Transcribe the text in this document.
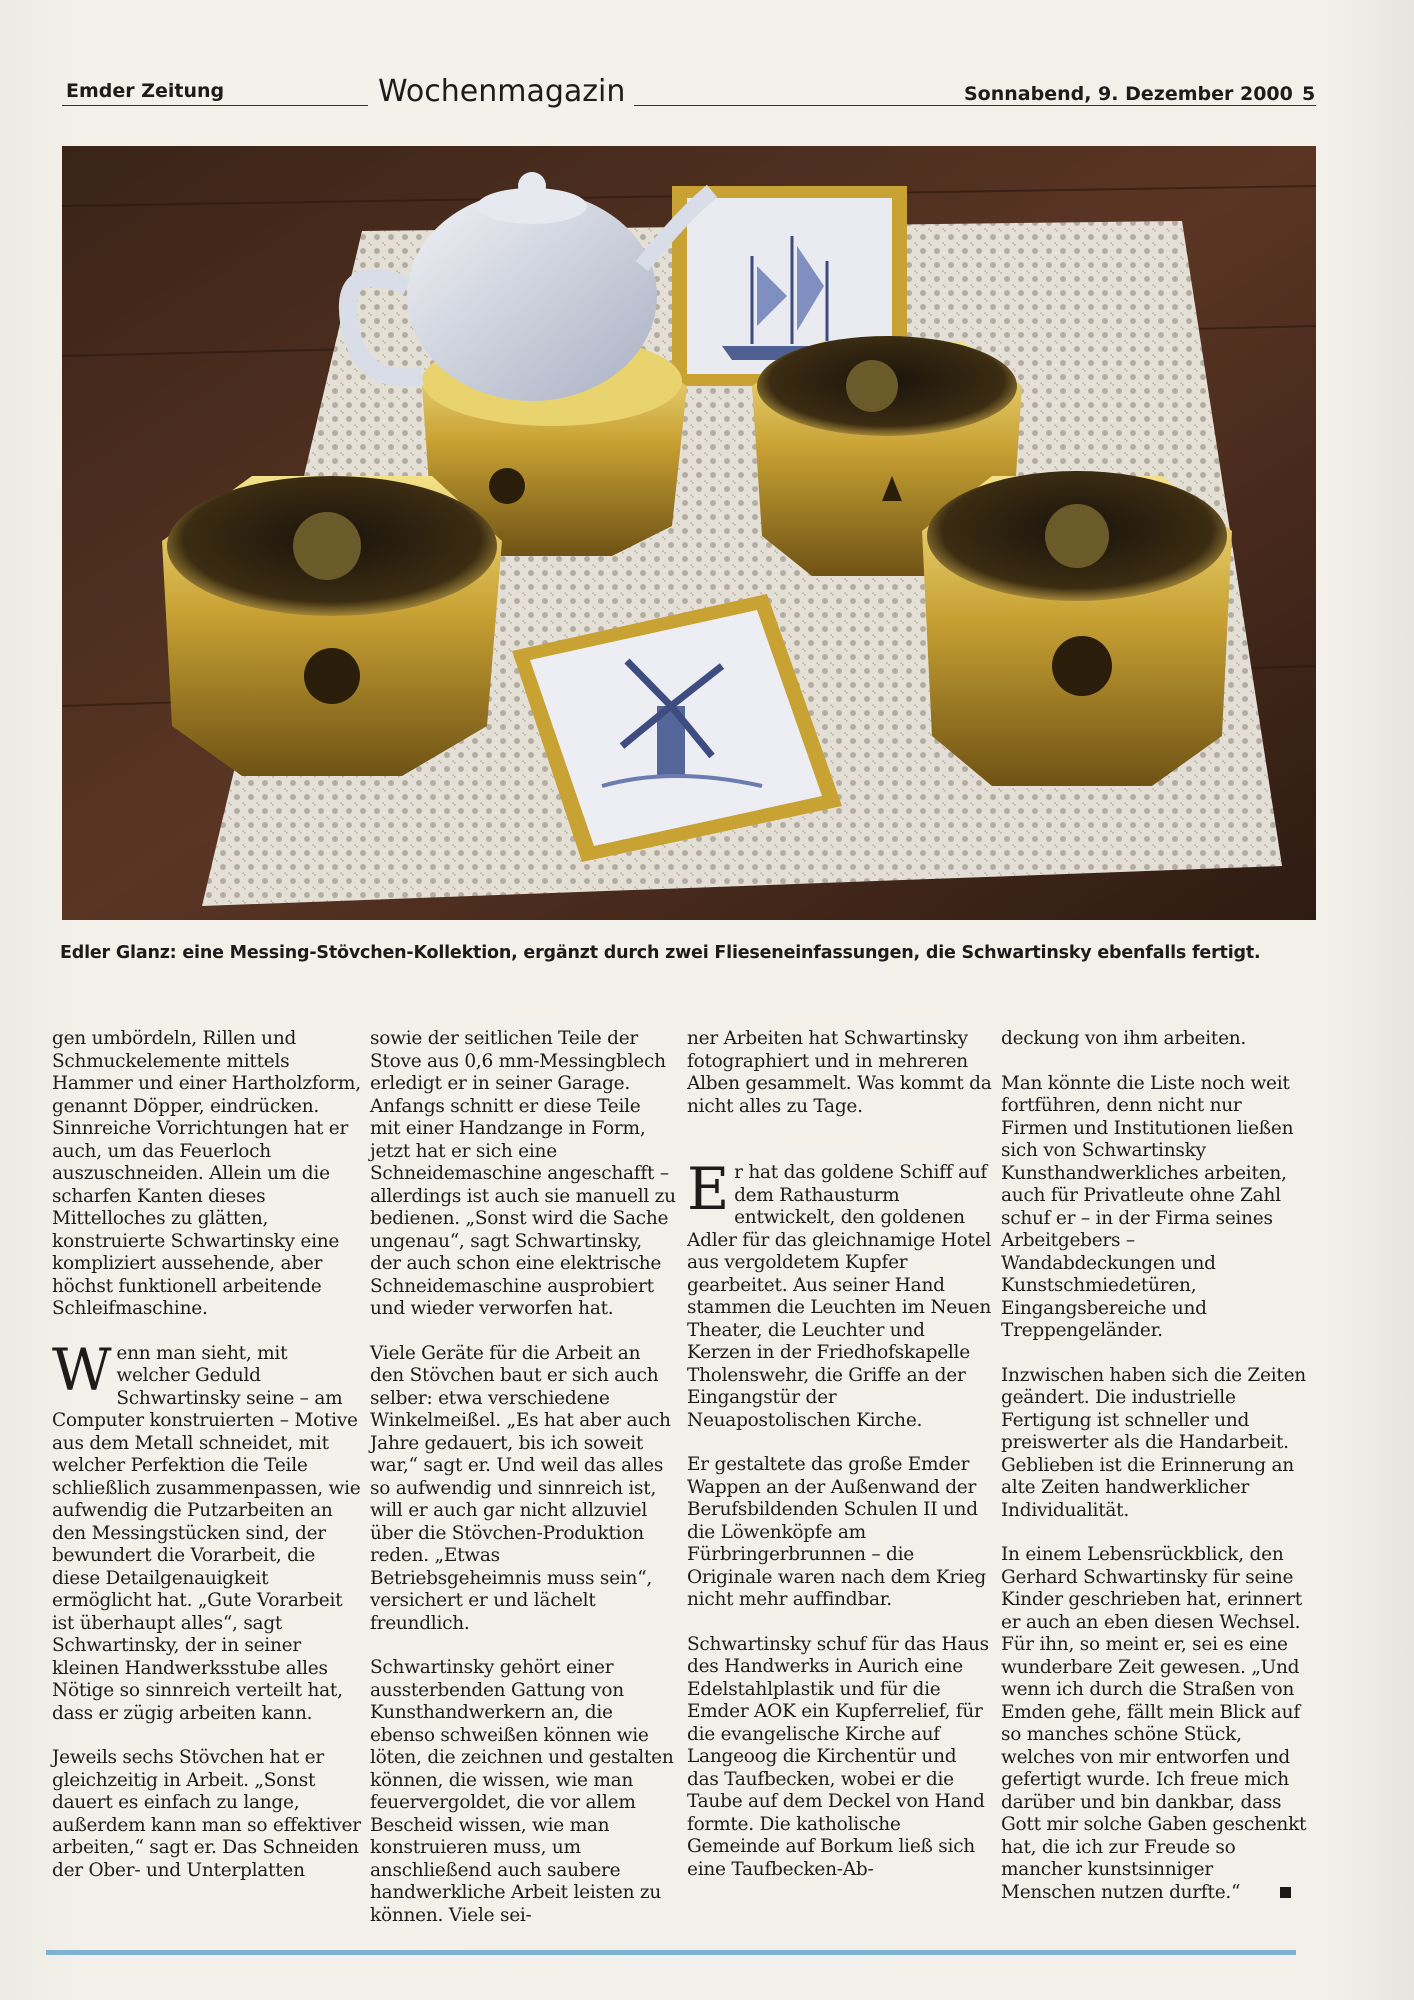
Emder Zeitung	Wochenmagazin	Sonnabend, 9. Dezember 2000 5
Edler Glanz: eine Messing-Stövchen-Kollektion, ergänzt durch zwei Flieseneinfassungen, die Schwartinsky ebenfalls fertigt.

gen umbördeln, Rillen und Schmuckelemente mittels Hammer und einer Hartholzform, genannt Döpper, eindrücken. Sinnreiche Vorrichtungen hat er auch, um das Feuerloch auszuschneiden. Allein um die scharfen Kanten dieses Mittelloches zu glätten, konstruierte Schwartinsky eine kompliziert aussehende, aber höchst funktionell arbeitende Schleifmaschine.

Wenn man sieht, mit welcher Geduld Schwartinsky seine – am Computer konstruierten – Motive aus dem Metall schneidet, mit welcher Perfektion die Teile schließlich zusammenpassen, wie aufwendig die Putzarbeiten an den Messingstücken sind, der bewundert die Vorarbeit, die diese Detailgenauigkeit ermöglicht hat. „Gute Vorarbeit ist überhaupt alles“, sagt Schwartinsky, der in seiner kleinen Handwerksstube alles Nötige so sinnreich verteilt hat, dass er zügig arbeiten kann.

Jeweils sechs Stövchen hat er gleichzeitig in Arbeit. „Sonst dauert es einfach zu lange, außerdem kann man so effektiver arbeiten,“ sagt er. Das Schneiden der Ober- und Unterplatten

sowie der seitlichen Teile der Stove aus 0,6 mm-Messingblech erledigt er in seiner Garage. Anfangs schnitt er diese Teile mit einer Handzange in Form, jetzt hat er sich eine Schneidemaschine angeschafft – allerdings ist auch sie manuell zu bedienen. „Sonst wird die Sache ungenau“, sagt Schwartinsky, der auch schon eine elektrische Schneidemaschine ausprobiert und wieder verworfen hat.

Viele Geräte für die Arbeit an den Stövchen baut er sich auch selber: etwa verschiedene Winkelmeißel. „Es hat aber auch Jahre gedauert, bis ich soweit war,“ sagt er. Und weil das alles so aufwendig und sinnreich ist, will er auch gar nicht allzuviel über die Stövchen-Produktion reden. „Etwas Betriebsgeheimnis muss sein“, versichert er und lächelt freundlich.

Schwartinsky gehört einer aussterbenden Gattung von Kunsthandwerkern an, die ebenso schweißen können wie löten, die zeichnen und gestalten können, die wissen, wie man feuervergoldet, die vor allem Bescheid wissen, wie man konstruieren muss, um anschließend auch saubere handwerkliche Arbeit leisten zu können. Viele sei-

ner Arbeiten hat Schwartinsky fotographiert und in mehreren Alben gesammelt. Was kommt da nicht alles zu Tage.

Er hat das goldene Schiff auf dem Rathausturm entwickelt, den goldenen Adler für das gleichnamige Hotel aus vergoldetem Kupfer gearbeitet. Aus seiner Hand stammen die Leuchten im Neuen Theater, die Leuchter und Kerzen in der Friedhofskapelle Tholenswehr, die Griffe an der Eingangstür der Neuapostolischen Kirche.

Er gestaltete das große Emder Wappen an der Außenwand der Berufsbildenden Schulen II und die Löwenköpfe am Fürbringerbrunnen – die Originale waren nach dem Krieg nicht mehr auffindbar.

Schwartinsky schuf für das Haus des Handwerks in Aurich eine Edelstahlplastik und für die Emder AOK ein Kupferrelief, für die evangelische Kirche auf Langeoog die Kirchentür und das Taufbecken, wobei er die Taube auf dem Deckel von Hand formte. Die katholische Gemeinde auf Borkum ließ sich eine Taufbecken-Ab-

deckung von ihm arbeiten.

Man könnte die Liste noch weit fortführen, denn nicht nur Firmen und Institutionen ließen sich von Schwartinsky Kunsthandwerkliches arbeiten, auch für Privatleute ohne Zahl schuf er – in der Firma seines Arbeitgebers – Wandabdeckungen und Kunstschmiedetüren, Eingangsbereiche und Treppengeländer.

Inzwischen haben sich die Zeiten geändert. Die industrielle Fertigung ist schneller und preiswerter als die Handarbeit. Geblieben ist die Erinnerung an alte Zeiten handwerklicher Individualität.

In einem Lebensrückblick, den Gerhard Schwartinsky für seine Kinder geschrieben hat, erinnert er auch an eben diesen Wechsel. Für ihn, so meint er, sei es eine wunderbare Zeit gewesen. „Und wenn ich durch die Straßen von Emden gehe, fällt mein Blick auf so manches schöne Stück, welches von mir entworfen und gefertigt wurde. Ich freue mich darüber und bin dankbar, dass Gott mir solche Gaben geschenkt hat, die ich zur Freude so mancher kunstsinniger Menschen nutzen durfte.“
